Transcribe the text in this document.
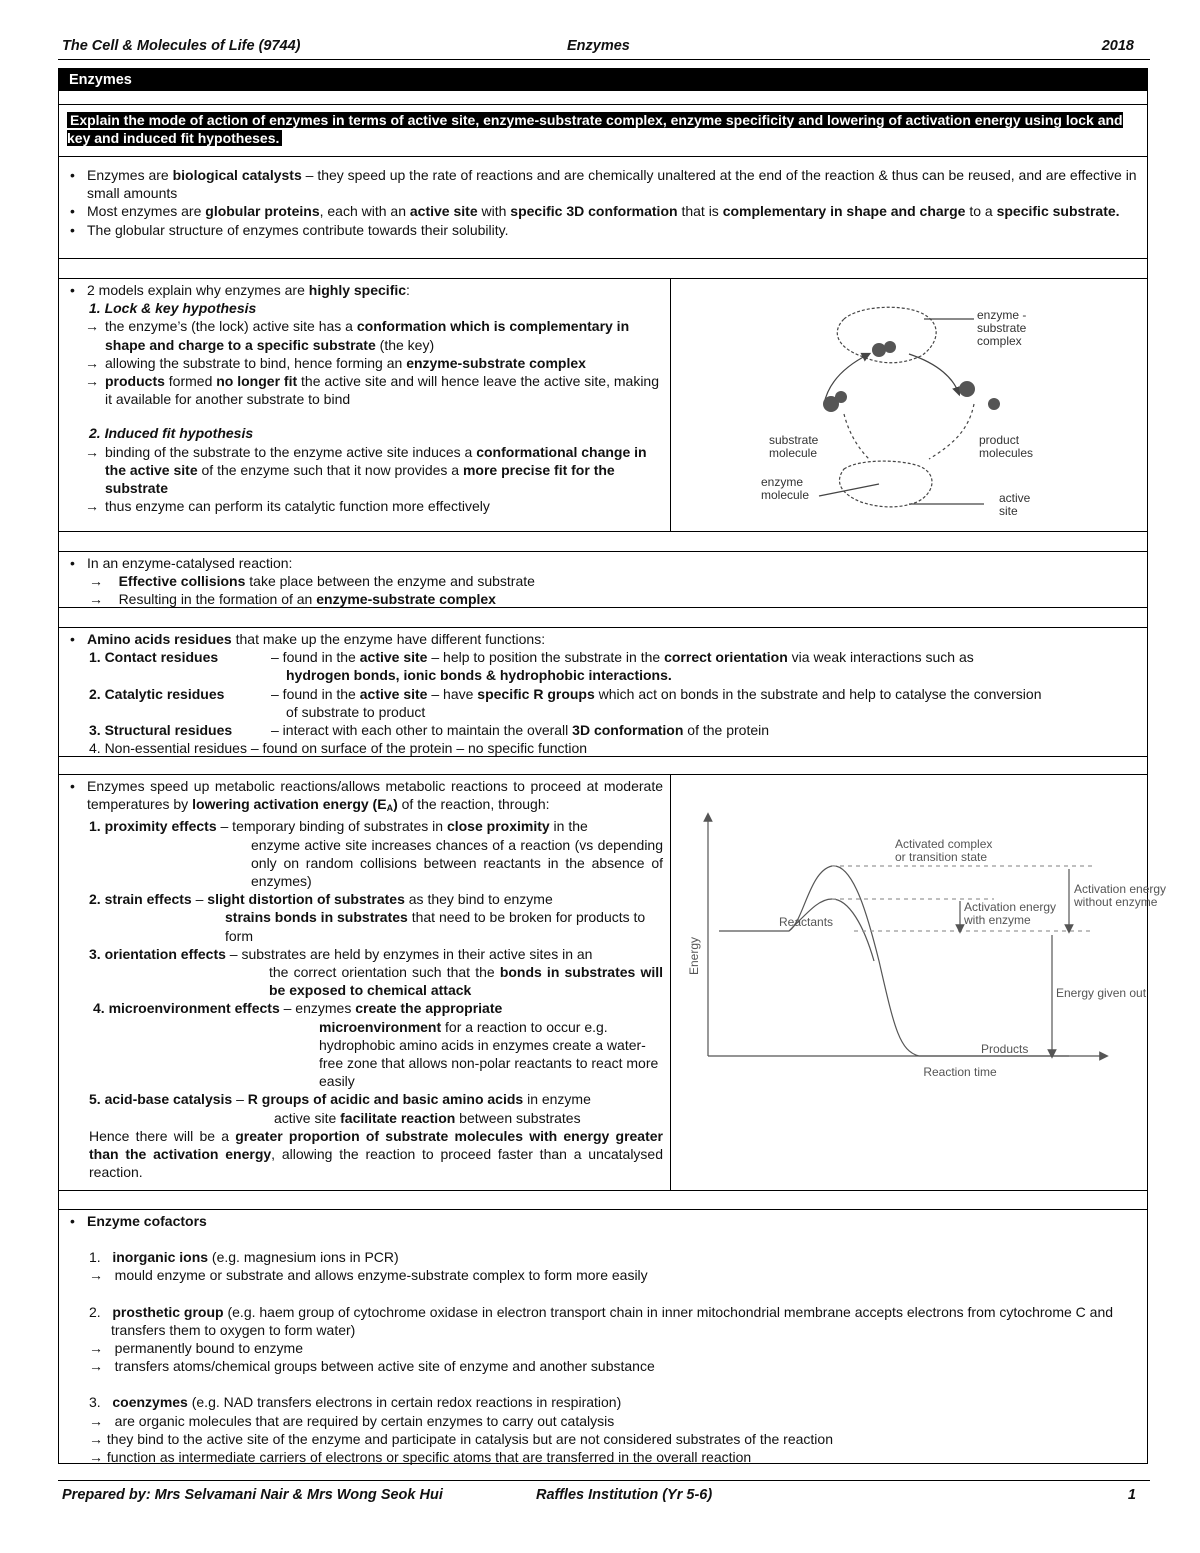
The Cell & Molecules of Life (9744)	Enzymes	2018
Enzymes
Explain the mode of action of enzymes in terms of active site, enzyme-substrate complex, enzyme specificity and lowering of activation energy using lock and key and induced fit hypotheses.
• Enzymes are biological catalysts – they speed up the rate of reactions and are chemically unaltered at the end of the reaction & thus can be reused, and are effective in small amounts
• Most enzymes are globular proteins, each with an active site with specific 3D conformation that is complementary in shape and charge to a specific substrate.
• The globular structure of enzymes contribute towards their solubility.
• 2 models explain why enzymes are highly specific:
1. Lock & key hypothesis
→ the enzyme’s (the lock) active site has a conformation which is complementary in shape and charge to a specific substrate (the key)
→ allowing the substrate to bind, hence forming an enzyme-substrate complex
→ products formed no longer fit the active site and will hence leave the active site, making it available for another substrate to bind
2. Induced fit hypothesis
→ binding of the substrate to the enzyme active site induces a conformational change in the active site of the enzyme such that it now provides a more precise fit for the substrate
→ thus enzyme can perform its catalytic function more effectively
enzyme -substrate complex
substrate molecule
product molecules
enzyme molecule	active site
• In an enzyme-catalysed reaction:
→    Effective collisions take place between the enzyme and substrate
→    Resulting in the formation of an enzyme-substrate complex
• Amino acids residues that make up the enzyme have different functions:
1. Contact residues	– found in the active site – help to position the substrate in the correct orientation via weak interactions such as
hydrogen bonds, ionic bonds & hydrophobic interactions.
2. Catalytic residues	– found in the active site – have specific R groups which act on bonds in the substrate and help to catalyse the conversion
of substrate to product
3. Structural residues	– interact with each other to maintain the overall 3D conformation of the protein
4. Non-essential residues – found on surface of the protein – no specific function
• Enzymes speed up metabolic reactions/allows metabolic reactions to proceed at moderate temperatures by lowering activation energy $(E_A)$ of the reaction, through:
1. proximity effects – temporary binding of substrates in close proximity in the
enzyme active site increases chances of a reaction (vs depending only on random collisions between reactants in the absence of enzymes)
2. strain effects – slight distortion of substrates as they bind to enzyme
strains bonds in substrates that need to be broken for products to form
3. orientation effects – substrates are held by enzymes in their active sites in an
the correct orientation such that the bonds in substrates will be exposed to chemical attack
4. microenvironment effects – enzymes create the appropriate
microenvironment for a reaction to occur e.g. hydrophobic amino acids in enzymes create a water-free zone that allows non-polar reactants to react more easily
5. acid-base catalysis – R groups of acidic and basic amino acids in enzyme
active site facilitate reaction between substrates
Hence there will be a greater proportion of substrate molecules with energy greater than the activation energy, allowing the reaction to proceed faster than a uncatalysed reaction.
Activated complex or transition state
Activation energy with enzyme
Activation energy without enzyme
Reactants
Products
Energy given out
Energy
Reaction time
• Enzyme cofactors
1. inorganic ions (e.g. magnesium ions in PCR)
→   mould enzyme or substrate and allows enzyme-substrate complex to form more easily
2. prosthetic group (e.g. haem group of cytochrome oxidase in electron transport chain in inner mitochondrial membrane accepts electrons from cytochrome C and transfers them to oxygen to form water)
→   permanently bound to enzyme
→   transfers atoms/chemical groups between active site of enzyme and another substance
3. coenzymes (e.g. NAD transfers electrons in certain redox reactions in respiration)
→   are organic molecules that are required by certain enzymes to carry out catalysis
→ they bind to the active site of the enzyme and participate in catalysis but are not considered substrates of the reaction
→ function as intermediate carriers of electrons or specific atoms that are transferred in the overall reaction
Prepared by: Mrs Selvamani Nair & Mrs Wong Seok Hui	Raffles Institution (Yr 5-6)	1
